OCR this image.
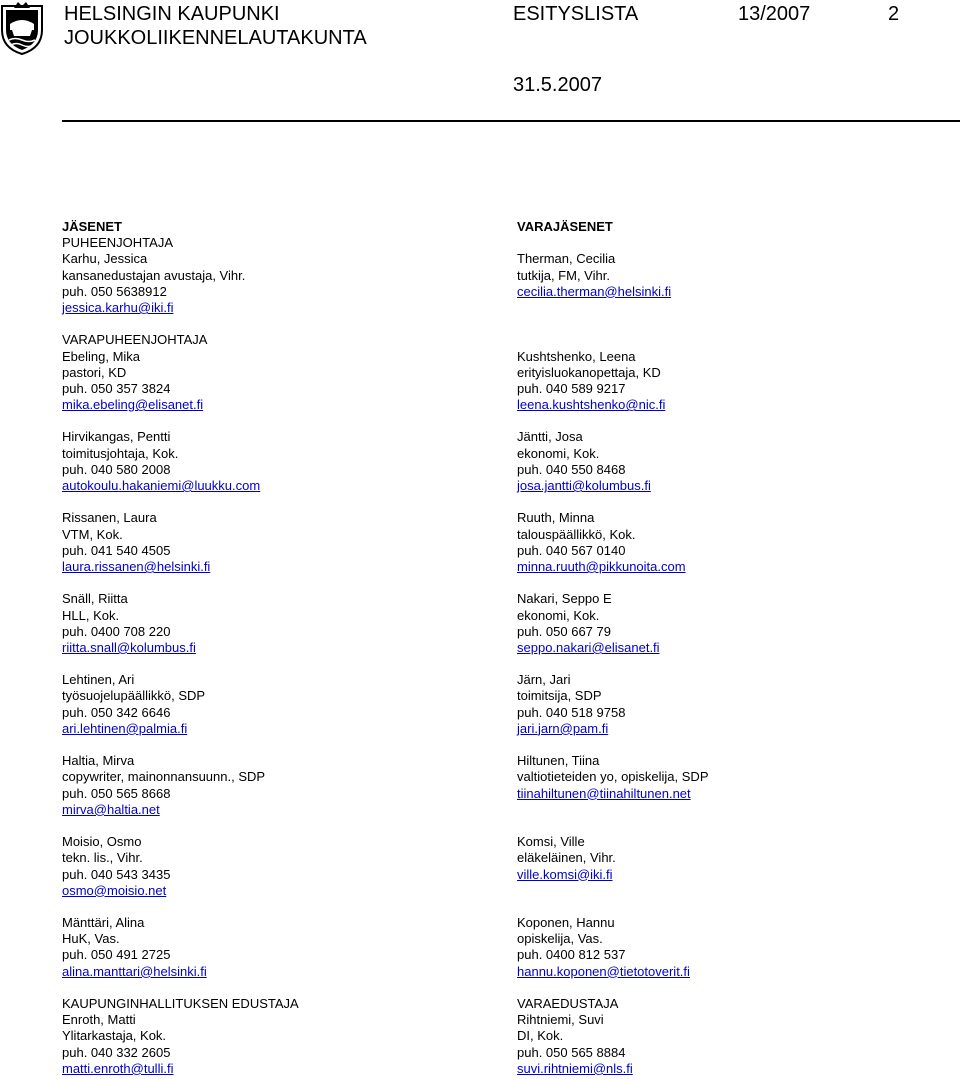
HELSINGIN KAUPUNKI
JOUKKOLIIKENNELAUTAKUNTA
ESITYSLISTA	13/2007	2
31.5.2007
JÄSENET
PUHEENJOHTAJA
Karhu, Jessica
kansanedustajan avustaja, Vihr.
puh. 050 5638912
jessica.karhu@iki.fi
VARAPUHEENJOHTAJA
Ebeling, Mika
pastori, KD
puh. 050 357 3824
mika.ebeling@elisanet.fi
Hirvikangas, Pentti
toimitusjohtaja, Kok.
puh. 040 580 2008
autokoulu.hakaniemi@luukku.com
Rissanen, Laura
VTM, Kok.
puh. 041 540 4505
laura.rissanen@helsinki.fi
Snäll, Riitta
HLL, Kok.
puh. 0400 708 220
riitta.snall@kolumbus.fi
Lehtinen, Ari
työsuojelupäällikkö, SDP
puh. 050 342 6646
ari.lehtinen@palmia.fi
Haltia, Mirva
copywriter, mainonnansuunn., SDP
puh. 050 565 8668
mirva@haltia.net
Moisio, Osmo
tekn. lis., Vihr.
puh. 040 543 3435
osmo@moisio.net
Mänttäri, Alina
HuK, Vas.
puh. 050 491 2725
alina.manttari@helsinki.fi
KAUPUNGINHALLITUKSEN EDUSTAJA
Enroth, Matti
Ylitarkastaja, Kok.
puh. 040 332 2605
matti.enroth@tulli.fi
VARAJÄSENET
Therman, Cecilia
tutkija, FM, Vihr.
cecilia.therman@helsinki.fi
Kushtshenko, Leena
erityisluokanopettaja, KD
puh. 040 589 9217
leena.kushtshenko@nic.fi
Jäntti, Josa
ekonomi, Kok.
puh. 040 550 8468
josa.jantti@kolumbus.fi
Ruuth, Minna
talouspäällikkö, Kok.
puh. 040 567 0140
minna.ruuth@pikkunoita.com
Nakari, Seppo E
ekonomi, Kok.
puh. 050 667 79
seppo.nakari@elisanet.fi
Järn, Jari
toimitsija, SDP
puh. 040 518 9758
jari.jarn@pam.fi
Hiltunen, Tiina
valtiotieteiden yo, opiskelija, SDP
tiinahiltunen@tiinahiltunen.net
Komsi, Ville
eläkeläinen, Vihr.
ville.komsi@iki.fi
Koponen, Hannu
opiskelija, Vas.
puh. 0400 812 537
hannu.koponen@tietotoverit.fi
VARAEDUSTAJA
Rihtniemi, Suvi
DI, Kok.
puh. 050 565 8884
suvi.rihtniemi@nls.fi
